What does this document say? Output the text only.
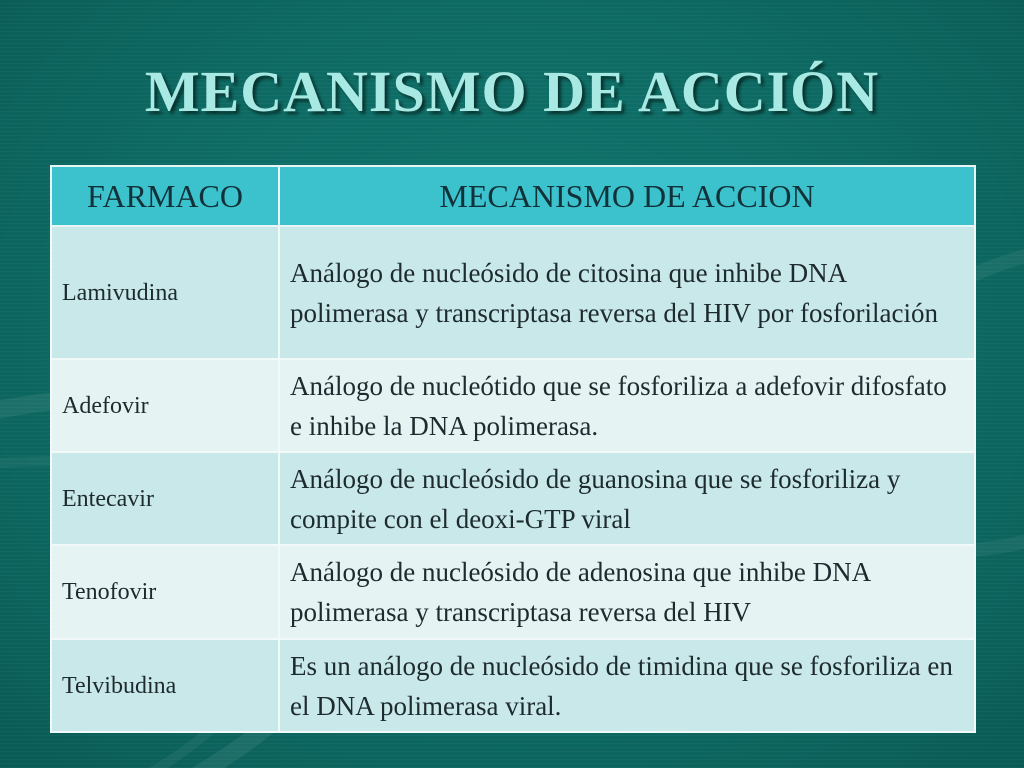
MECANISMO DE ACCIÓN
FARMACO	MECANISMO DE ACCION
Lamivudina	Análogo de nucleósido de citosina que inhibe DNA polimerasa y transcriptasa reversa del HIV por fosforilación
Adefovir	Análogo de nucleótido que se fosforiliza a adefovir difosfato e inhibe la DNA polimerasa.
Entecavir	Análogo de nucleósido de guanosina que se fosforiliza y compite con el deoxi-GTP viral
Tenofovir	Análogo de nucleósido de adenosina que inhibe DNA polimerasa y transcriptasa reversa del HIV
Telvibudina	Es un análogo de nucleósido de timidina que se fosforiliza en el DNA polimerasa viral.
